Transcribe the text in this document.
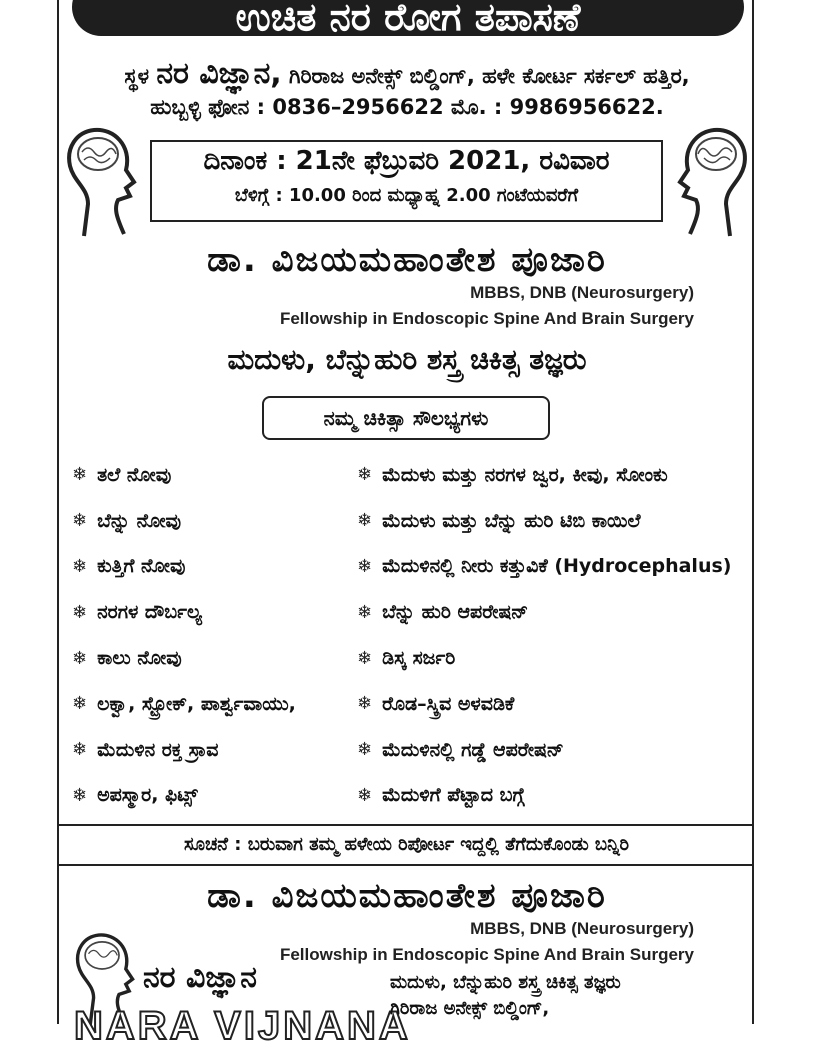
ಉಚಿತ ನರ ರೋಗ ತಪಾಸಣೆ
ಸ್ಥಳ ನರ ವಿಜ್ಞಾನ, ಗಿರಿರಾಜ ಅನೇಕ್ಸ್ ಬಿಲ್ಡಿಂಗ್, ಹಳೇ ಕೋರ್ಟ ಸರ್ಕಲ್ ಹತ್ತಿರ,
ಹುಬ್ಬಳ್ಳಿ ಫೋನ : 0836–2956622 ಮೊ. : 9986956622.
ದಿನಾಂಕ : 21ನೇ ಫೆಬ್ರುವರಿ 2021, ರವಿವಾರ
ಬೆಳಿಗ್ಗೆ : 10.00 ರಿಂದ ಮಧ್ಯಾಹ್ನ 2.00 ಗಂಟೆಯವರೆಗೆ
ಡಾ. ವಿಜಯಮಹಾಂತೇಶ ಪೂಜಾರಿ
MBBS, DNB (Neurosurgery)
Fellowship in Endoscopic Spine And Brain Surgery
ಮದುಳು, ಬೆನ್ನುಹುರಿ ಶಸ್ತ್ರ ಚಿಕಿತ್ಸ ತಜ್ಞರು
ನಮ್ಮ ಚಿಕಿತ್ಸಾ ಸೌಲಭ್ಯಗಳು
❄ ತಲೆ ನೋವು
❄ ಬೆನ್ನು ನೋವು
❄ ಕುತ್ತಿಗೆ ನೋವು
❄ ನರಗಳ ದೌರ್ಬಲ್ಯ
❄ ಕಾಲು ನೋವು
❄ ಲಕ್ವಾ, ಸ್ಟ್ರೋಕ್, ಪಾರ್ಶ್ವವಾಯು,
❄ ಮೆದುಳಿನ ರಕ್ತ ಸ್ರಾವ
❄ ಅಪಸ್ಮಾರ, ಫಿಟ್ಸ್
❄ ಮೆದುಳು ಮತ್ತು ನರಗಳ ಜ್ವರ, ಕೀವು, ಸೋಂಕು
❄ ಮೆದುಳು ಮತ್ತು ಬೆನ್ನು ಹುರಿ ಟಿಬಿ ಕಾಯಿಲೆ
❄ ಮೆದುಳಿನಲ್ಲಿ ನೀರು ಕತ್ತುವಿಕೆ (Hydrocephalus)
❄ ಬೆನ್ನು ಹುರಿ ಆಪರೇಷನ್
❄ ಡಿಸ್ಕ ಸರ್ಜರಿ
❄ ರೊಡ–ಸ್ಕ್ರಿವ ಅಳವಡಿಕೆ
❄ ಮೆದುಳಿನಲ್ಲಿ ಗಡ್ಡೆ ಆಪರೇಷನ್
❄ ಮೆದುಳಿಗೆ ಪೆಟ್ಟಾದ ಬಗ್ಗೆ
ಸೂಚನೆ : ಬರುವಾಗ ತಮ್ಮ ಹಳೇಯ ರಿಪೋರ್ಟ ಇದ್ದಲ್ಲಿ ತೆಗೆದುಕೊಂಡು ಬನ್ನಿರಿ
ಡಾ. ವಿಜಯಮಹಾಂತೇಶ ಪೂಜಾರಿ
MBBS, DNB (Neurosurgery)
Fellowship in Endoscopic Spine And Brain Surgery
ನರ ವಿಜ್ಞಾನ
NARA VIJNANA
ಮದುಳು, ಬೆನ್ನುಹುರಿ ಶಸ್ತ್ರ ಚಿಕಿತ್ಸ ತಜ್ಞರು
ಗಿರಿರಾಜ ಅನೇಕ್ಸ್ ಬಿಲ್ಡಿಂಗ್,
